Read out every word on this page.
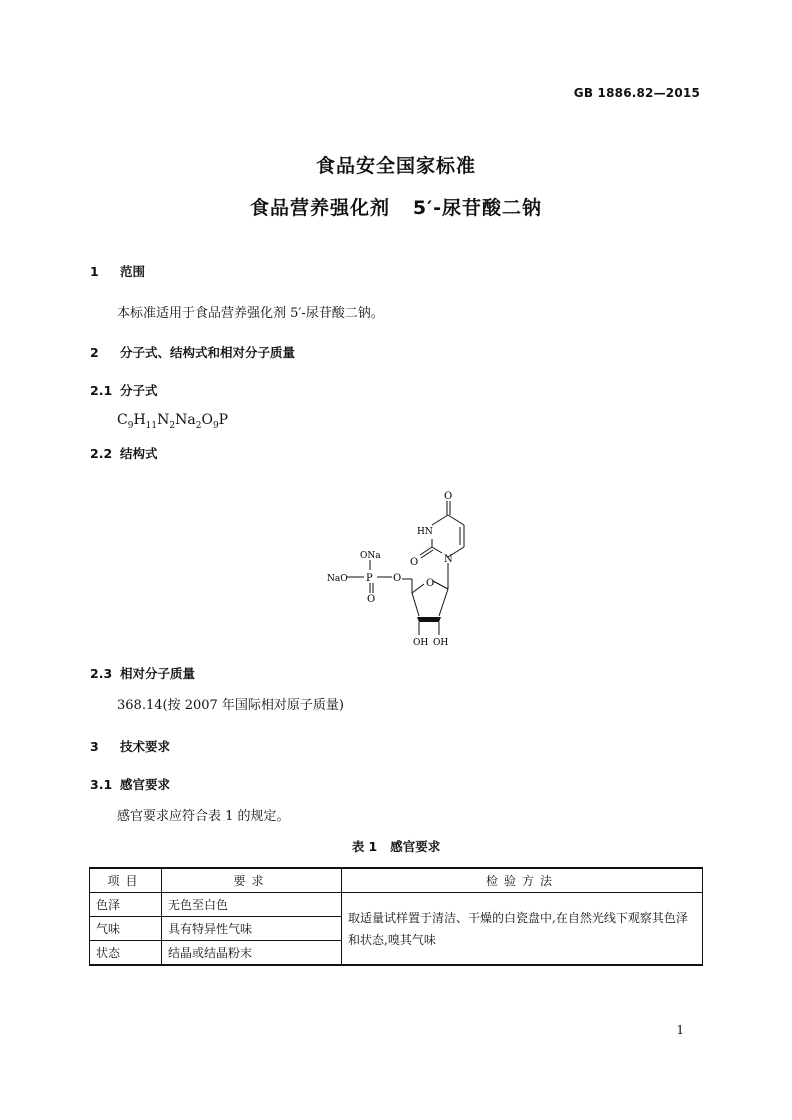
GB 1886.82—2015
食品安全国家标准
食品营养强化剂   5′-尿苷酸二钠
1 范围
本标准适用于食品营养强化剂 5′-尿苷酸二钠。
2 分子式、结构式和相对分子质量
2.1 分子式
$C_9H_{11}N_2Na_2O_9P$
2.2 结构式
O
HN
O	N
ONa
NaO P O
O
O
OH OH
2.3 相对分子质量
368.14(按 2007 年国际相对原子质量)
3 技术要求
3.1 感官要求
感官要求应符合表 1 的规定。
表 1   感官要求
项目	要求	检验方法
色泽	无色至白色	取适量试样置于清洁、干燥的白瓷盘中,在自然光线下观察其色泽和状态,嗅其气味
气味	具有特异性气味	
状态	结晶或结晶粉末	
1
